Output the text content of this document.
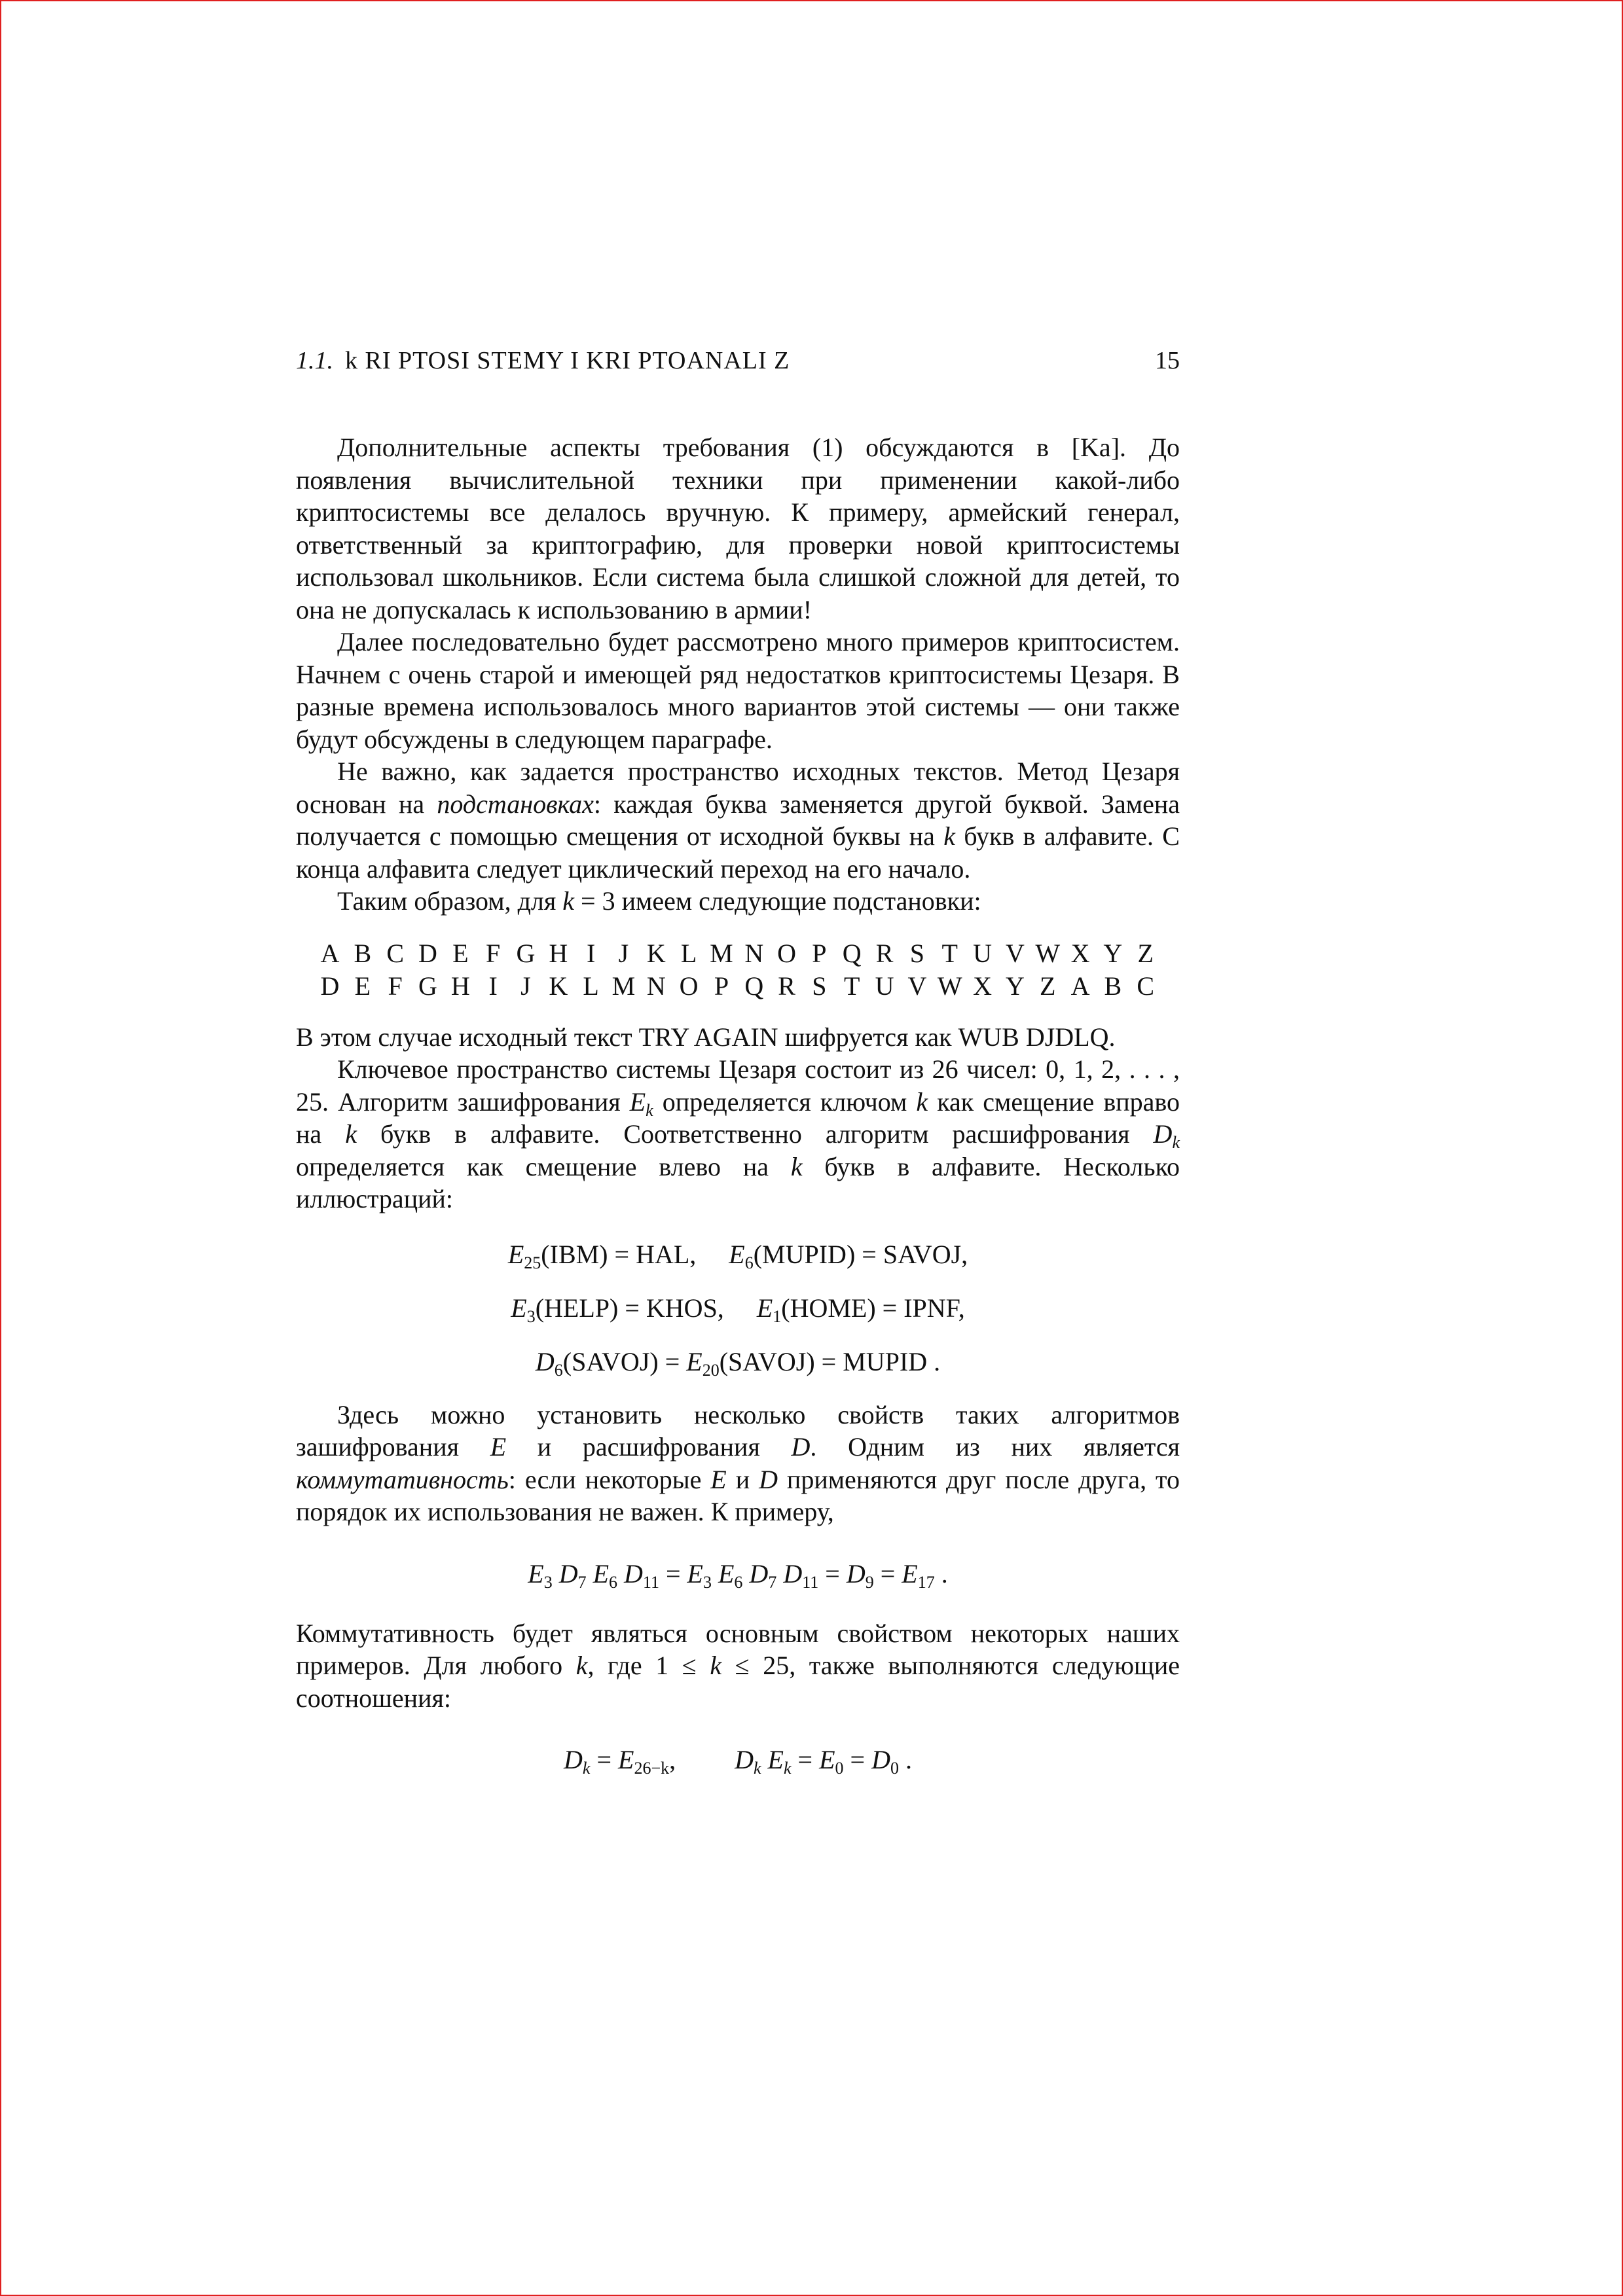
1.1. k RI PTOSI STEMY I KRI PTOANALI Z	15

Дополнительные аспекты требования (1) обсуждаются в [Ka]. До появления вычислительной техники при применении какой-либо криптосистемы все делалось вручную. К примеру, армейский генерал, ответственный за криптографию, для проверки новой криптосистемы использовал школьников. Если система была слишкой сложной для детей, то она не допускалась к использованию в армии!

Далее последовательно будет рассмотрено много примеров криптосистем. Начнем с очень старой и имеющей ряд недостатков криптосистемы Цезаря. В разные времена использовалось много вариантов этой системы — они также будут обсуждены в следующем параграфе.

Не важно, как задается пространство исходных текстов. Метод Цезаря основан на подстановках: каждая буква заменяется другой буквой. Замена получается с помощью смещения от исходной буквы на k букв в алфавите. С конца алфавита следует циклический переход на его начало.

Таким образом, для k = 3 имеем следующие подстановки:

A B C D E F G H I J K L M N O P Q R S T U V W X Y Z
D E F G H I J K L M N O P Q R S T U V W X Y Z A B C

В этом случае исходный текст TRY AGAIN шифруется как WUB DJDLQ.

Ключевое пространство системы Цезаря состоит из 26 чисел: 0, 1, 2, . . . , 25. Алгоритм зашифрования $E_k$ определяется ключом k как смещение вправо на k букв в алфавите. Соответственно алгоритм расшифрования $D_k$ определяется как смещение влево на k букв в алфавите. Несколько иллюстраций:

$E_{25}(IBM)$ = HAL, $E_6(MUPID)$ = SAVOJ,
$E_3(HELP)$ = KHOS, $E_1(HOME)$ = IPNF,
$D_6(SAVOJ)$ = $E_{20}(SAVOJ)$ = MUPID .

Здесь можно установить несколько свойств таких алгоритмов зашифрования E и расшифрования D. Одним из них является коммутативность: если некоторые E и D применяются друг после друга, то порядок их использования не важен. К примеру,

$E_3$ $D_7$ $E_6$ $D_{11} = E_3$ $E_6$ $D_7$ $D_{11} = D_9 = E_{17}$ .

Коммутативность будет являться основным свойством некоторых наших примеров. Для любого k, где 1 ≤ k ≤ 25, также выполняются следующие соотношения:

$D_k = E_{26-k}$, $D_k$ $E_k = E_0 = D_0$ .
